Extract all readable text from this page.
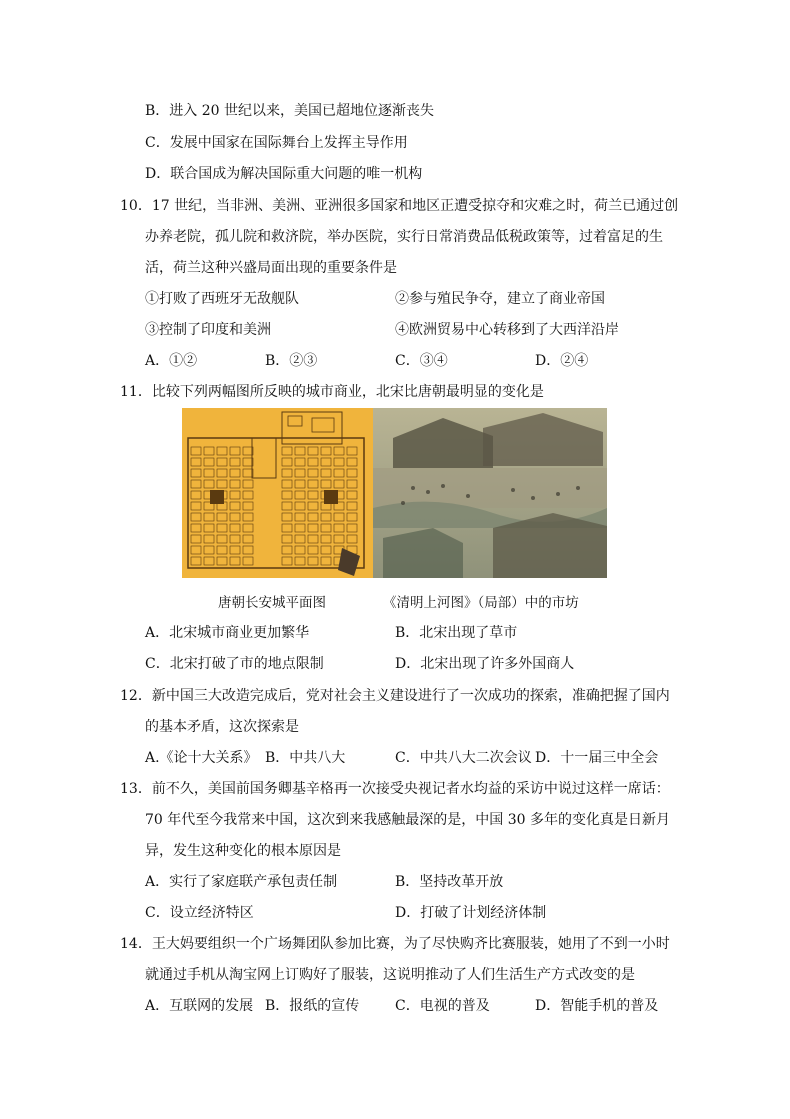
B．进入 20 世纪以来，美国已超地位逐渐丧失
C．发展中国家在国际舞台上发挥主导作用
D．联合国成为解决国际重大问题的唯一机构
10．17 世纪，当非洲、美洲、亚洲很多国家和地区正遭受掠夺和灾难之时，荷兰已通过创
办养老院，孤儿院和救济院，举办医院，实行日常消费品低税政策等，过着富足的生
活，荷兰这种兴盛局面出现的重要条件是
①打败了西班牙无敌舰队	②参与殖民争夺，建立了商业帝国
③控制了印度和美洲	④欧洲贸易中心转移到了大西洋沿岸
A．①②	B．②③	C．③④	D．②④
11．比较下列两幅图所反映的城市商业，北宋比唐朝最明显的变化是
唐朝长安城平面图	《清明上河图》（局部）中的市坊
A．北宋城市商业更加繁华	B．北宋出现了草市
C．北宋打破了市的地点限制	D．北宋出现了许多外国商人
12．新中国三大改造完成后，党对社会主义建设进行了一次成功的探索，准确把握了国内
的基本矛盾，这次探索是
A.《论十大关系》 B．中共八大	C．中共八大二次会议 D．十一届三中全会
13．前不久，美国前国务卿基辛格再一次接受央视记者水均益的采访中说过这样一席话：
70 年代至今我常来中国，这次到来我感触最深的是，中国 30 多年的变化真是日新月
异，发生这种变化的根本原因是
A．实行了家庭联产承包责任制	B．坚持改革开放
C．设立经济特区	D．打破了计划经济体制
14．王大妈要组织一个广场舞团队参加比赛，为了尽快购齐比赛服装，她用了不到一小时
就通过手机从淘宝网上订购好了服装，这说明推动了人们生活生产方式改变的是
A．互联网的发展 B．报纸的宣传	C．电视的普及	D．智能手机的普及
